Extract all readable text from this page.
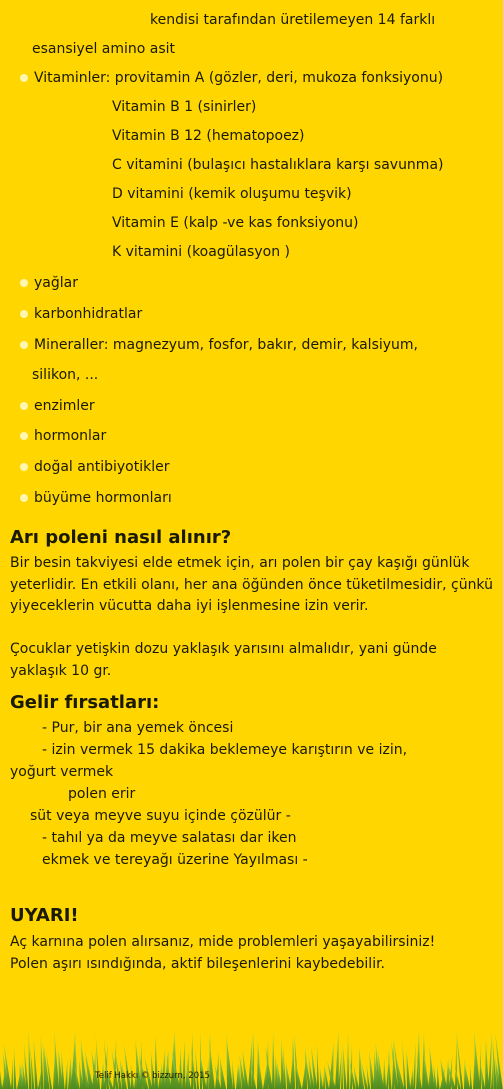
kendisi tarafından üretilemeyen 14 farklı
esansiyel amino asit
Vitaminler: provitamin A (gözler, deri, mukoza fonksiyonu)
Vitamin B 1 (sinirler)
Vitamin B 12 (hematopoez)
C vitamini (bulaşıcı hastalıklara karşı savunma)
D vitamini (kemik oluşumu teşvik)
Vitamin E (kalp -ve kas fonksiyonu)
K vitamini (koagülasyon )
yağlar
karbonhidratlar
Mineraller: magnezyum, fosfor, bakır, demir, kalsiyum,
silikon, ...
enzimler
hormonlar
doğal antibiyotikler
büyüme hormonları
Arı poleni nasıl alınır?
Bir besin takviyesi elde etmek için, arı polen bir çay kaşığı günlük yeterlidir. En etkili olanı, her ana öğünden önce tüketilmesidir, çünkü yiyeceklerin vücutta daha iyi işlenmesine izin verir.
Çocuklar yetişkin dozu yaklaşık yarısını almalıdır, yani günde yaklaşık 10 gr.
Gelir fırsatları:
- Pur, bir ana yemek öncesi
- izin vermek 15 dakika beklemeye karıştırın ve izin,
yoğurt vermek
polen erir
süt veya meyve suyu içinde çözülür -
- tahıl ya da meyve salatası dar iken
ekmek ve tereyağı üzerine Yayılması -
UYARI!
Aç karnına polen alırsanız, mide problemleri yaşayabilirsiniz!
Polen aşırı ısındığında, aktif bileşenlerini kaybedebilir.
Telif Hakkı © bizzurn, 2015
